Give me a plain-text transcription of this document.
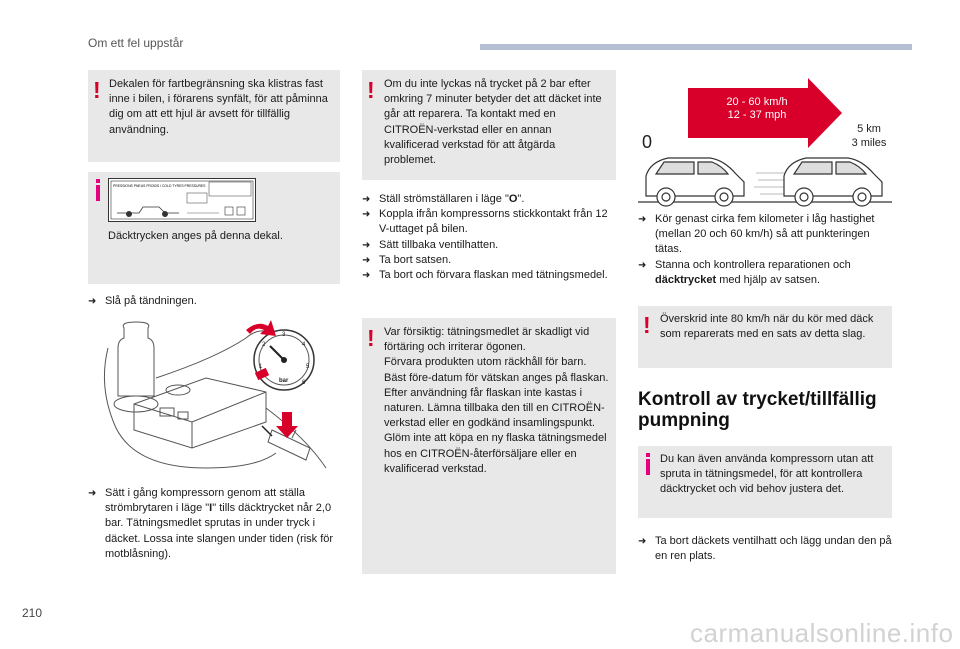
Om ett fel uppstår
! Dekalen för fartbegränsning ska klistras fast inne i bilen, i förarens synfält, för att påminna dig om att ett hjul är avsett för tillfällig användning.
PRESSIONS PNEUS FROIDS / COLD TYRES PRESSURES
Däcktrycken anges på denna dekal.
➜ Slå på tändningen.
1
2
3
4
5
6
bar
➜ Sätt i gång kompressorn genom att ställa strömbrytaren i läge "I" tills däcktrycket når 2,0 bar. Tätningsmedlet sprutas in under tryck i däcket. Lossa inte slangen under tiden (risk för motblåsning).
! Om du inte lyckas nå trycket på 2 bar efter omkring 7 minuter betyder det att däcket inte går att reparera. Ta kontakt med en CITROËN-verkstad eller en annan kvalificerad verkstad för att åtgärda problemet.
➜ Ställ strömställaren i läge "O".
➜ Koppla ifrån kompressorns stickkontakt från 12 V-uttaget på bilen.
➜ Sätt tillbaka ventilhatten.
➜ Ta bort satsen.
➜ Ta bort och förvara flaskan med tätningsmedel.
! Var försiktig: tätningsmedlet är skadligt vid förtäring och irriterar ögonen.
Förvara produkten utom räckhåll för barn.
Bäst före-datum för vätskan anges på flaskan.
Efter användning får flaskan inte kastas i naturen. Lämna tillbaka den till en CITROËN-verkstad eller en godkänd insamlingspunkt.
Glöm inte att köpa en ny flaska tätningsmedel hos en CITROËN-återförsäljare eller en kvalificerad verkstad.
20 - 60 km/h
12 - 37 mph
0
5 km
3 miles
➜ Kör genast cirka fem kilometer i låg hastighet (mellan 20 och 60 km/h) så att punkteringen tätas.
➜ Stanna och kontrollera reparationen och däcktrycket med hjälp av satsen.
! Överskrid inte 80 km/h när du kör med däck som reparerats med en sats av detta slag.
Kontroll av trycket/tillfällig pumpning
Du kan även använda kompressorn utan att spruta in tätningsmedel, för att kontrollera däcktrycket och vid behov justera det.
➜ Ta bort däckets ventilhatt och lägg undan den på en ren plats.
210
carmanualsonline.info
